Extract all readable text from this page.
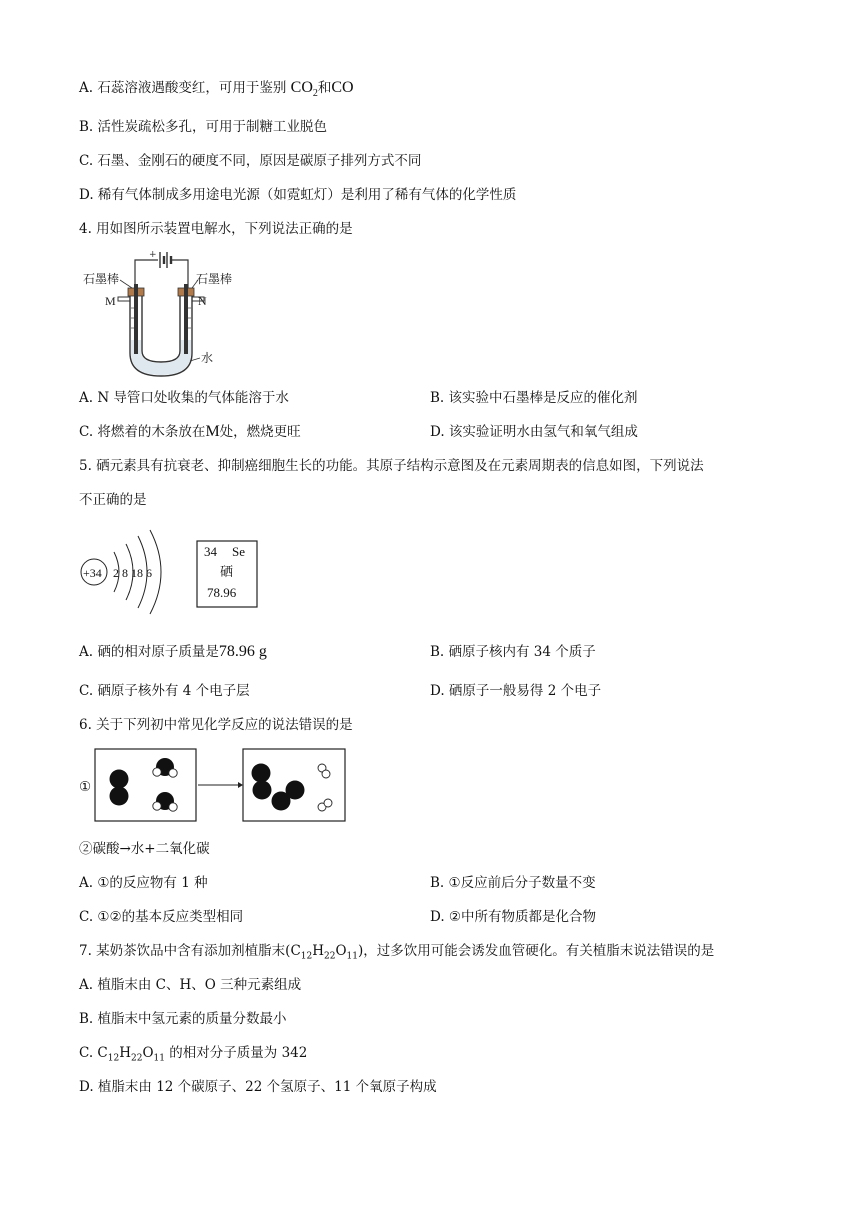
A. 石蕊溶液遇酸变红，可用于鉴别 $CO_2$和CO
B. 活性炭疏松多孔，可用于制糖工业脱色
C. 石墨、金刚石的硬度不同，原因是碳原子排列方式不同
D. 稀有气体制成多用途电光源（如霓虹灯）是利用了稀有气体的化学性质
4. 用如图所示装置电解水，下列说法正确的是
+
石墨棒	石墨棒
M	N
水
A. N 导管口处收集的气体能溶于水	B. 该实验中石墨棒是反应的催化剂
C. 将燃着的木条放在M处，燃烧更旺	D. 该实验证明水由氢气和氧气组成
5. 硒元素具有抗衰老、抑制癌细胞生长的功能。其原子结构示意图及在元素周期表的信息如图，下列说法
不正确的是
+34 2 8 18 6
34 Se
硒
78.96
A. 硒的相对原子质量是78.96 g	B. 硒原子核内有 34 个质子
C. 硒原子核外有 4 个电子层	D. 硒原子一般易得 2 个电子
6. 关于下列初中常见化学反应的说法错误的是
①
②碳酸→水+二氧化碳
A. ①的反应物有 1 种	B. ①反应前后分子数量不变
C. ①②的基本反应类型相同	D. ②中所有物质都是化合物
7. 某奶茶饮品中含有添加剂植脂末$(C_{12}H_{22}O_{11})$，过多饮用可能会诱发血管硬化。有关植脂末说法错误的是
A. 植脂末由 C、H、O 三种元素组成
B. 植脂末中氢元素的质量分数最小
C. $C_{12}H_{22}O_{11}$ 的相对分子质量为 342
D. 植脂末由 12 个碳原子、22 个氢原子、11 个氧原子构成
